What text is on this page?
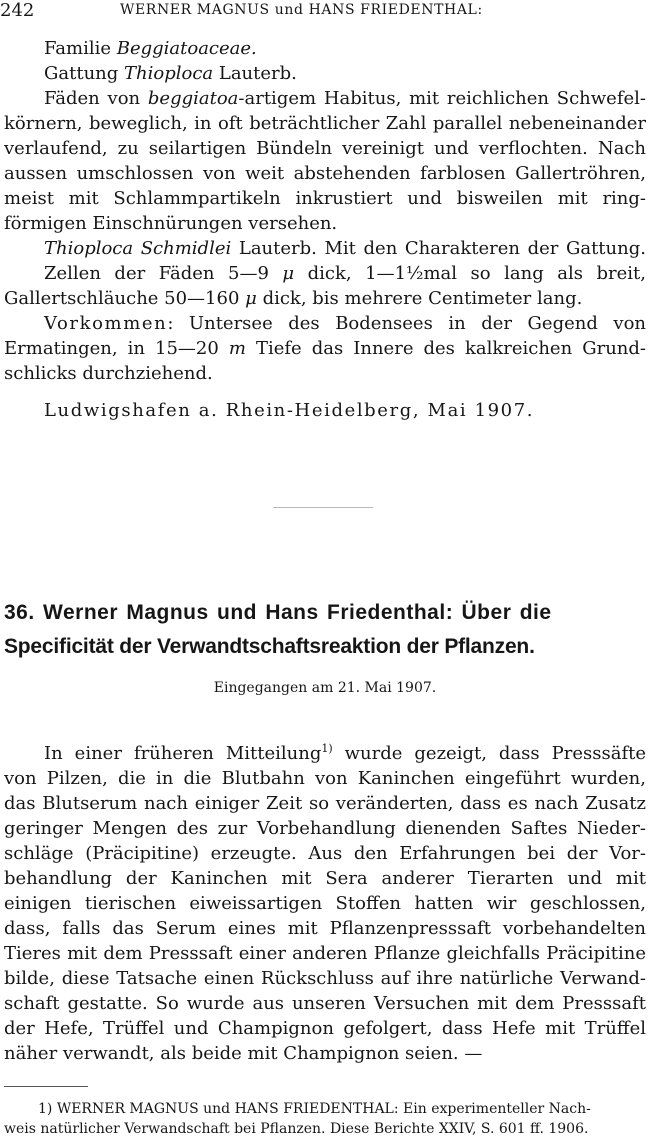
242	WERNER MAGNUS und HANS FRIEDENTHAL:
Familie Beggiatoaceae.
Gattung Thioploca Lauterb.
Fäden von beggiatoa-artigem Habitus, mit reichlichen Schwefel-
körnern, beweglich, in oft beträchtlicher Zahl parallel nebeneinander
verlaufend, zu seilartigen Bündeln vereinigt und verflochten. Nach
aussen umschlossen von weit abstehenden farblosen Gallertröhren,
meist mit Schlammpartikeln inkrustiert und bisweilen mit ring-
förmigen Einschnürungen versehen.
Thioploca Schmidlei Lauterb. Mit den Charakteren der Gattung.
Zellen der Fäden 5—9 μ dick, 1—1½mal so lang als breit,
Gallertschläuche 50—160 μ dick, bis mehrere Centimeter lang.
Vorkommen: Untersee des Bodensees in der Gegend von
Ermatingen, in 15—20 m Tiefe das Innere des kalkreichen Grund-
schlicks durchziehend.
Ludwigshafen a. Rhein-Heidelberg, Mai 1907.
36. Werner Magnus und Hans Friedenthal: Über die
Specificität der Verwandtschaftsreaktion der Pflanzen.
Eingegangen am 21. Mai 1907.
In einer früheren Mitteilung$^{1)}$ wurde gezeigt, dass Presssäfte
von Pilzen, die in die Blutbahn von Kaninchen eingeführt wurden,
das Blutserum nach einiger Zeit so veränderten, dass es nach Zusatz
geringer Mengen des zur Vorbehandlung dienenden Saftes Nieder-
schläge (Präcipitine) erzeugte. Aus den Erfahrungen bei der Vor-
behandlung der Kaninchen mit Sera anderer Tierarten und mit
einigen tierischen eiweissartigen Stoffen hatten wir geschlossen,
dass, falls das Serum eines mit Pflanzenpresssaft vorbehandelten
Tieres mit dem Presssaft einer anderen Pflanze gleichfalls Präcipitine
bilde, diese Tatsache einen Rückschluss auf ihre natürliche Verwand-
schaft gestatte. So wurde aus unseren Versuchen mit dem Presssaft
der Hefe, Trüffel und Champignon gefolgert, dass Hefe mit Trüffel
näher verwandt, als beide mit Champignon seien. —
1) WERNER MAGNUS und HANS FRIEDENTHAL: Ein experimenteller Nach-
weis natürlicher Verwandschaft bei Pflanzen. Diese Berichte XXIV, S. 601 ff. 1906.
